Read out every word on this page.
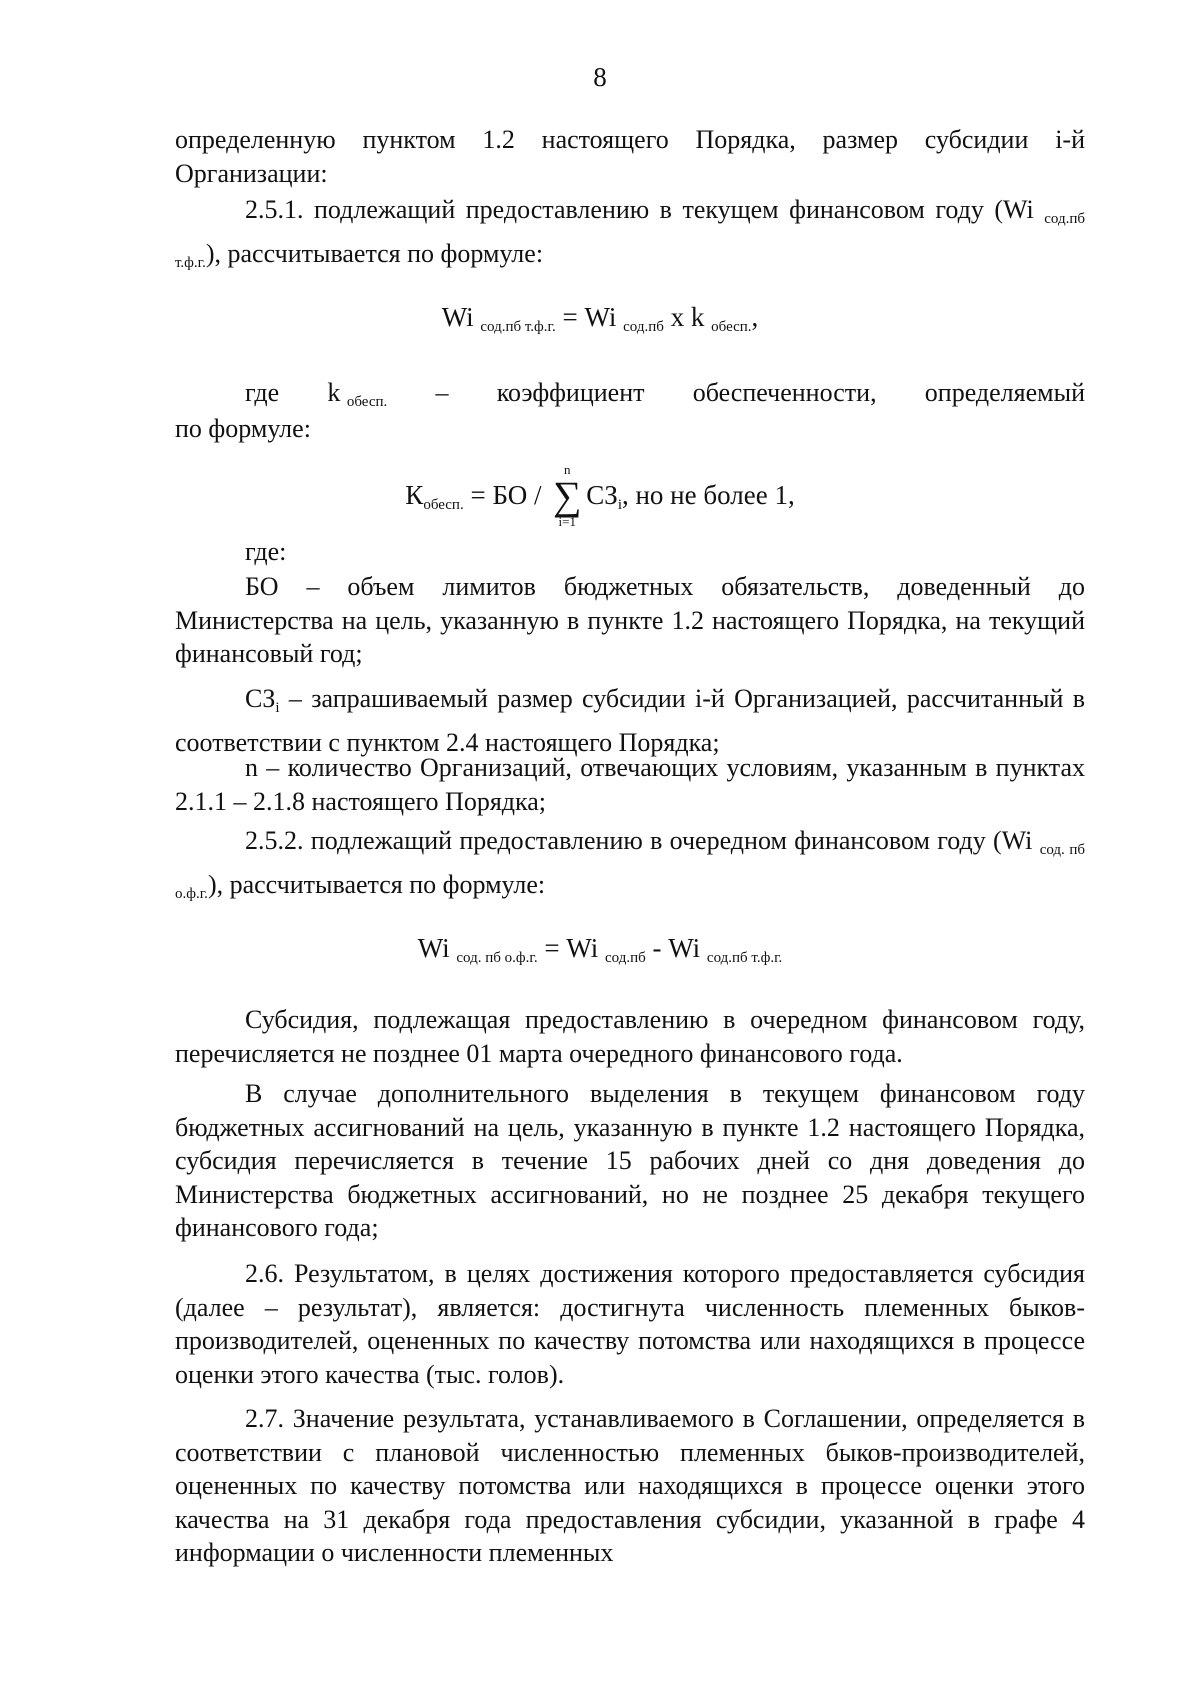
8
определенную пунктом 1.2 настоящего Порядка, размер субсидии i-й Организации:
2.5.1. подлежащий предоставлению в текущем финансовом году (Wi $_{сод.пб т.ф.г.}$), рассчитывается по формуле:
Wi $_{сод.пб т.ф.г.}$ = Wi $_{сод.пб}$ х k $_{обесп.}$,
где k $_{обесп.}$ – коэффициент обеспеченности, определяемый
по формуле:
$К_{обесп.}$ = БО /
n
∑
i=1
$СЗ_i$, но не более 1,
где:
БО – объем лимитов бюджетных обязательств, доведенный до Министерства на цель, указанную в пункте 1.2 настоящего Порядка, на текущий финансовый год;
$СЗ_i$ – запрашиваемый размер субсидии i-й Организацией, рассчитанный в соответствии с пунктом 2.4 настоящего Порядка;
n – количество Организаций, отвечающих условиям, указанным в пунктах 2.1.1 – 2.1.8 настоящего Порядка;
2.5.2. подлежащий предоставлению в очередном финансовом году (Wi $_{сод. пб о.ф.г.}$), рассчитывается по формуле:
Wi $_{сод. пб о.ф.г.}$ = Wi $_{сод.пб}$ - Wi $_{сод.пб т.ф.г.}$
Субсидия, подлежащая предоставлению в очередном финансовом году, перечисляется не позднее 01 марта очередного финансового года.
В случае дополнительного выделения в текущем финансовом году бюджетных ассигнований на цель, указанную в пункте 1.2 настоящего Порядка, субсидия перечисляется в течение 15 рабочих дней со дня доведения до Министерства бюджетных ассигнований, но не позднее 25 декабря текущего финансового года;
2.6. Результатом, в целях достижения которого предоставляется субсидия (далее – результат), является: достигнута численность племенных быков-производителей, оцененных по качеству потомства или находящихся в процессе оценки этого качества (тыс. голов).
2.7. Значение результата, устанавливаемого в Соглашении, определяется в соответствии с плановой численностью племенных быков-производителей, оцененных по качеству потомства или находящихся в процессе оценки этого качества на 31 декабря года предоставления субсидии, указанной в графе 4 информации о численности племенных
